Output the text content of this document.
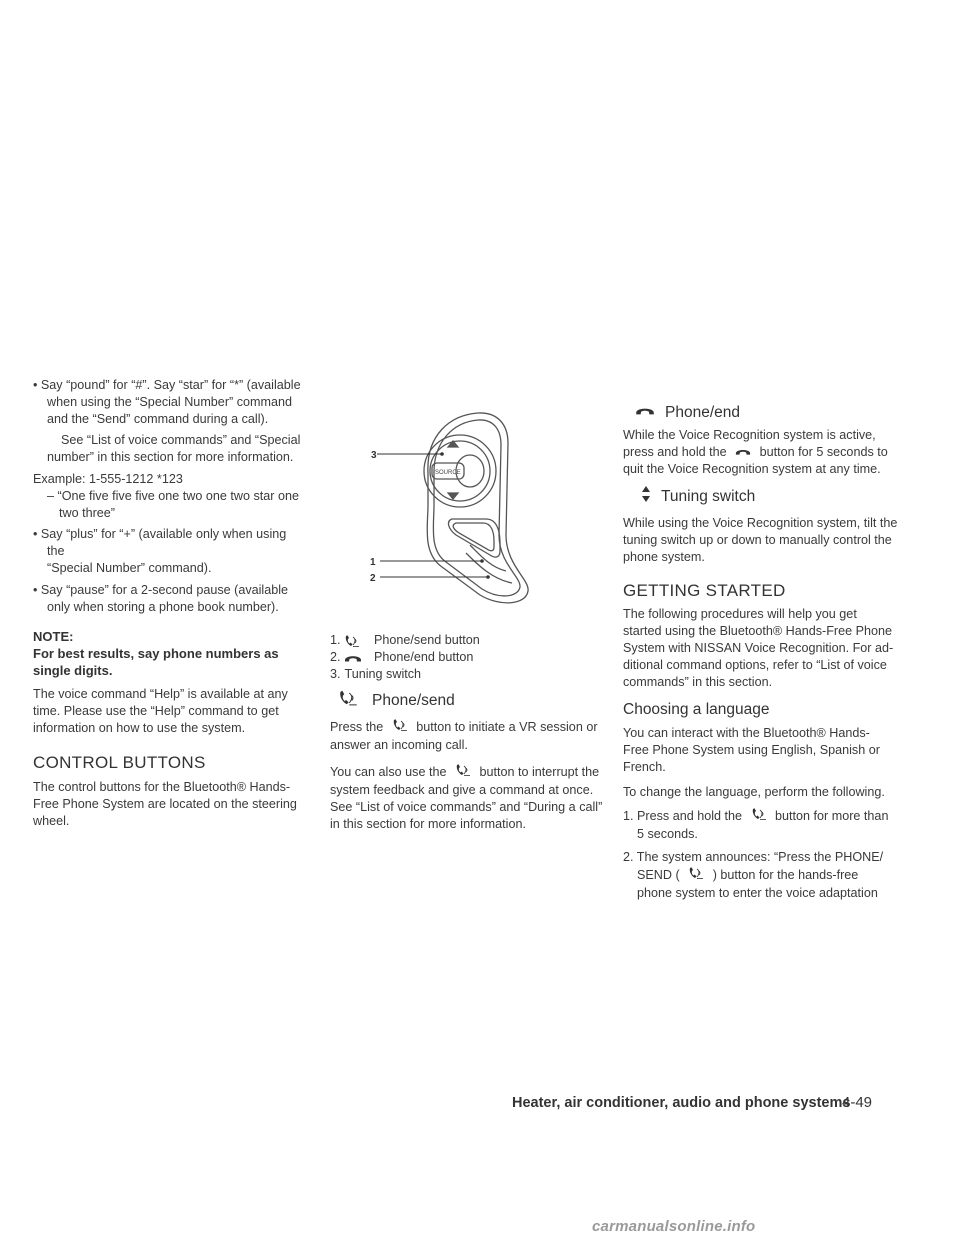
• Say “pound” for “#”. Say “star” for “*” (available
when using the “Special Number” command
and the “Send” command during a call).

See “List of voice commands” and “Special
number” in this section for more information.

Example: 1-555-1212 *123

– “One five five five one two one two star one
two three”

• Say “plus” for “+” (available only when using the
“Special Number” command).

• Say “pause” for a 2-second pause (available
only when storing a phone book number).

NOTE:

For best results, say phone numbers as
single digits.

The voice command “Help” is available at any
time. Please use the “Help” command to get
information on how to use the system.

CONTROL BUTTONS

The control buttons for the Bluetooth® Hands-
Free Phone System are located on the steering
wheel.

3
1
2
SOURCE
1.	Phone/send button
2.	Phone/end button
3. Tuning switch
Phone/send

Press the	button to initiate a VR session or
answer an incoming call.

You can also use the	button to interrupt the
system feedback and give a command at once.
See “List of voice commands” and “During a call”
in this section for more information.

Phone/end

While the Voice Recognition system is active,
press and hold the	button for 5 seconds to
quit the Voice Recognition system at any time.

Tuning switch

While using the Voice Recognition system, tilt the
tuning switch up or down to manually control the
phone system.

GETTING STARTED

The following procedures will help you get
started using the Bluetooth® Hands-Free Phone
System with NISSAN Voice Recognition. For ad-
ditional command options, refer to “List of voice
commands” in this section.

Choosing a language

You can interact with the Bluetooth® Hands-
Free Phone System using English, Spanish or
French.

To change the language, perform the following.

1. Press and hold the	button for more than
5 seconds.

2. The system announces: “Press the PHONE/
SEND (	) button for the hands-free
phone system to enter the voice adaptation

Heater, air conditioner, audio and phone systems
4-49
carmanualsonline.info
